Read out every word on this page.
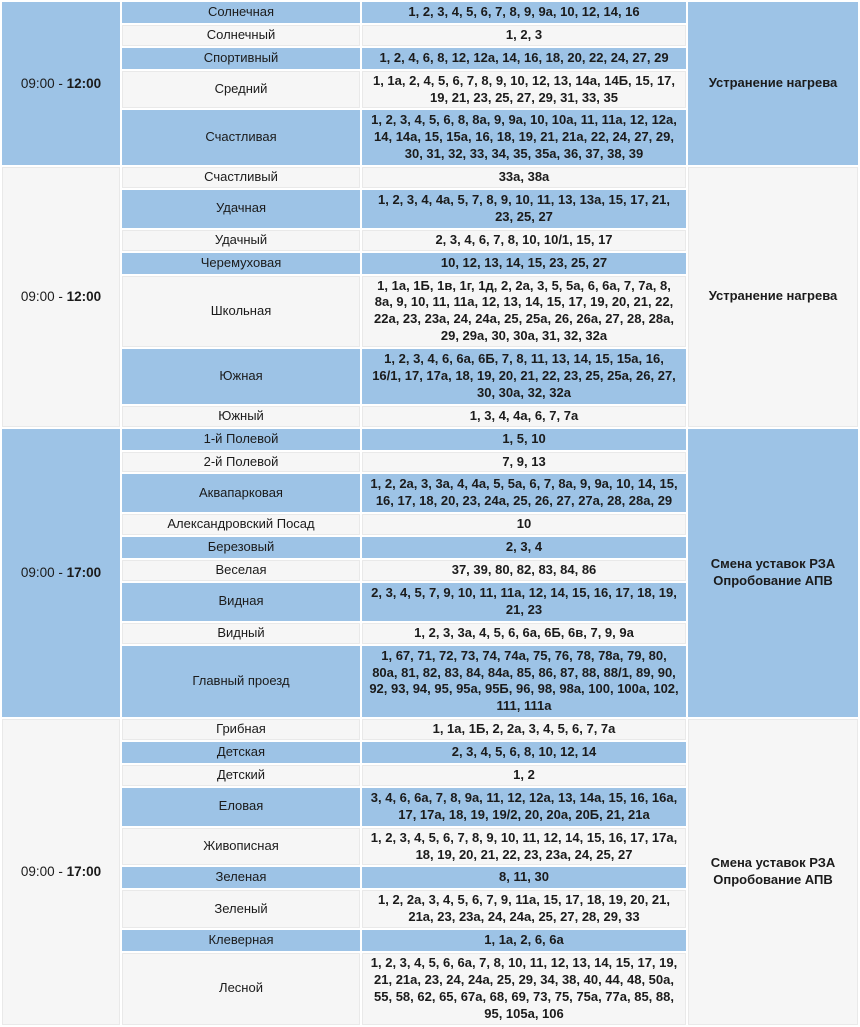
09:00 - 12:00	Солнечная	1, 2, 3, 4, 5, 6, 7, 8, 9, 9а, 10, 12, 14, 16	Устранение нагрева

	Солнечный	1, 2, 3	
	Спортивный	1, 2, 4, 6, 8, 12, 12а, 14, 16, 18, 20, 22, 24, 27, 29	
	Средний	1, 1а, 2, 4, 5, 6, 7, 8, 9, 10, 12, 13, 14а, 14Б, 15, 17, 19, 21, 23, 25, 27, 29, 31, 33, 35	
	Счастливая	1, 2, 3, 4, 5, 6, 8, 8а, 9, 9а, 10, 10а, 11, 11а, 12, 12а, 14, 14а, 15, 15а, 16, 18, 19, 21, 21а, 22, 24, 27, 29, 30, 31, 32, 33, 34, 35, 35а, 36, 37, 38, 39	
09:00 - 12:00	Счастливый	33а, 38а	Устранение нагрева

	Удачная	1, 2, 3, 4, 4а, 5, 7, 8, 9, 10, 11, 13, 13а, 15, 17, 21, 23, 25, 27	
	Удачный	2, 3, 4, 6, 7, 8, 10, 10/1, 15, 17	
	Черемуховая	10, 12, 13, 14, 15, 23, 25, 27	
	Школьная	1, 1а, 1Б, 1в, 1г, 1д, 2, 2а, 3, 5, 5а, 6, 6а, 7, 7а, 8, 8а, 9, 10, 11, 11а, 12, 13, 14, 15, 17, 19, 20, 21, 22, 22а, 23, 23а, 24, 24а, 25, 25а, 26, 26а, 27, 28, 28а, 29, 29а, 30, 30а, 31, 32, 32а	
	Южная	1, 2, 3, 4, 6, 6а, 6Б, 7, 8, 11, 13, 14, 15, 15а, 16, 16/1, 17, 17а, 18, 19, 20, 21, 22, 23, 25, 25а, 26, 27, 30, 30а, 32, 32а	
	Южный	1, 3, 4, 4а, 6, 7, 7а	
09:00 - 17:00	1-й Полевой	1, 5, 10	Смена уставок РЗА
Опробование АПВ

	2-й Полевой	7, 9, 13	
	Аквапарковая	1, 2, 2а, 3, 3а, 4, 4а, 5, 5а, 6, 7, 8а, 9, 9а, 10, 14, 15, 16, 17, 18, 20, 23, 24а, 25, 26, 27, 27а, 28, 28а, 29	
	Александровский Посад	10	
	Березовый	2, 3, 4	
	Веселая	37, 39, 80, 82, 83, 84, 86	
	Видная	2, 3, 4, 5, 7, 9, 10, 11, 11а, 12, 14, 15, 16, 17, 18, 19, 21, 23	
	Видный	1, 2, 3, 3а, 4, 5, 6, 6а, 6Б, 6в, 7, 9, 9а	
	Главный проезд	1, 67, 71, 72, 73, 74, 74а, 75, 76, 78, 78а, 79, 80, 80а, 81, 82, 83, 84, 84а, 85, 86, 87, 88, 88/1, 89, 90, 92, 93, 94, 95, 95а, 95Б, 96, 98, 98а, 100, 100а, 102, 111, 111а	
09:00 - 17:00	Грибная	1, 1а, 1Б, 2, 2а, 3, 4, 5, 6, 7, 7а	Смена уставок РЗА
Опробование АПВ

	Детская	2, 3, 4, 5, 6, 8, 10, 12, 14	
	Детский	1, 2	
	Еловая	3, 4, 6, 6а, 7, 8, 9а, 11, 12, 12а, 13, 14а, 15, 16, 16а, 17, 17а, 18, 19, 19/2, 20, 20а, 20Б, 21, 21а	
	Живописная	1, 2, 3, 4, 5, 6, 7, 8, 9, 10, 11, 12, 14, 15, 16, 17, 17а, 18, 19, 20, 21, 22, 23, 23а, 24, 25, 27	
	Зеленая	8, 11, 30	
	Зеленый	1, 2, 2а, 3, 4, 5, 6, 7, 9, 11а, 15, 17, 18, 19, 20, 21, 21а, 23, 23а, 24, 24а, 25, 27, 28, 29, 33	
	Клеверная	1, 1а, 2, 6, 6а	
	Лесной	1, 2, 3, 4, 5, 6, 6а, 7, 8, 10, 11, 12, 13, 14, 15, 17, 19, 21, 21а, 23, 24, 24а, 25, 29, 34, 38, 40, 44, 48, 50а, 55, 58, 62, 65, 67а, 68, 69, 73, 75, 75а, 77а, 85, 88, 95, 105а, 106	
